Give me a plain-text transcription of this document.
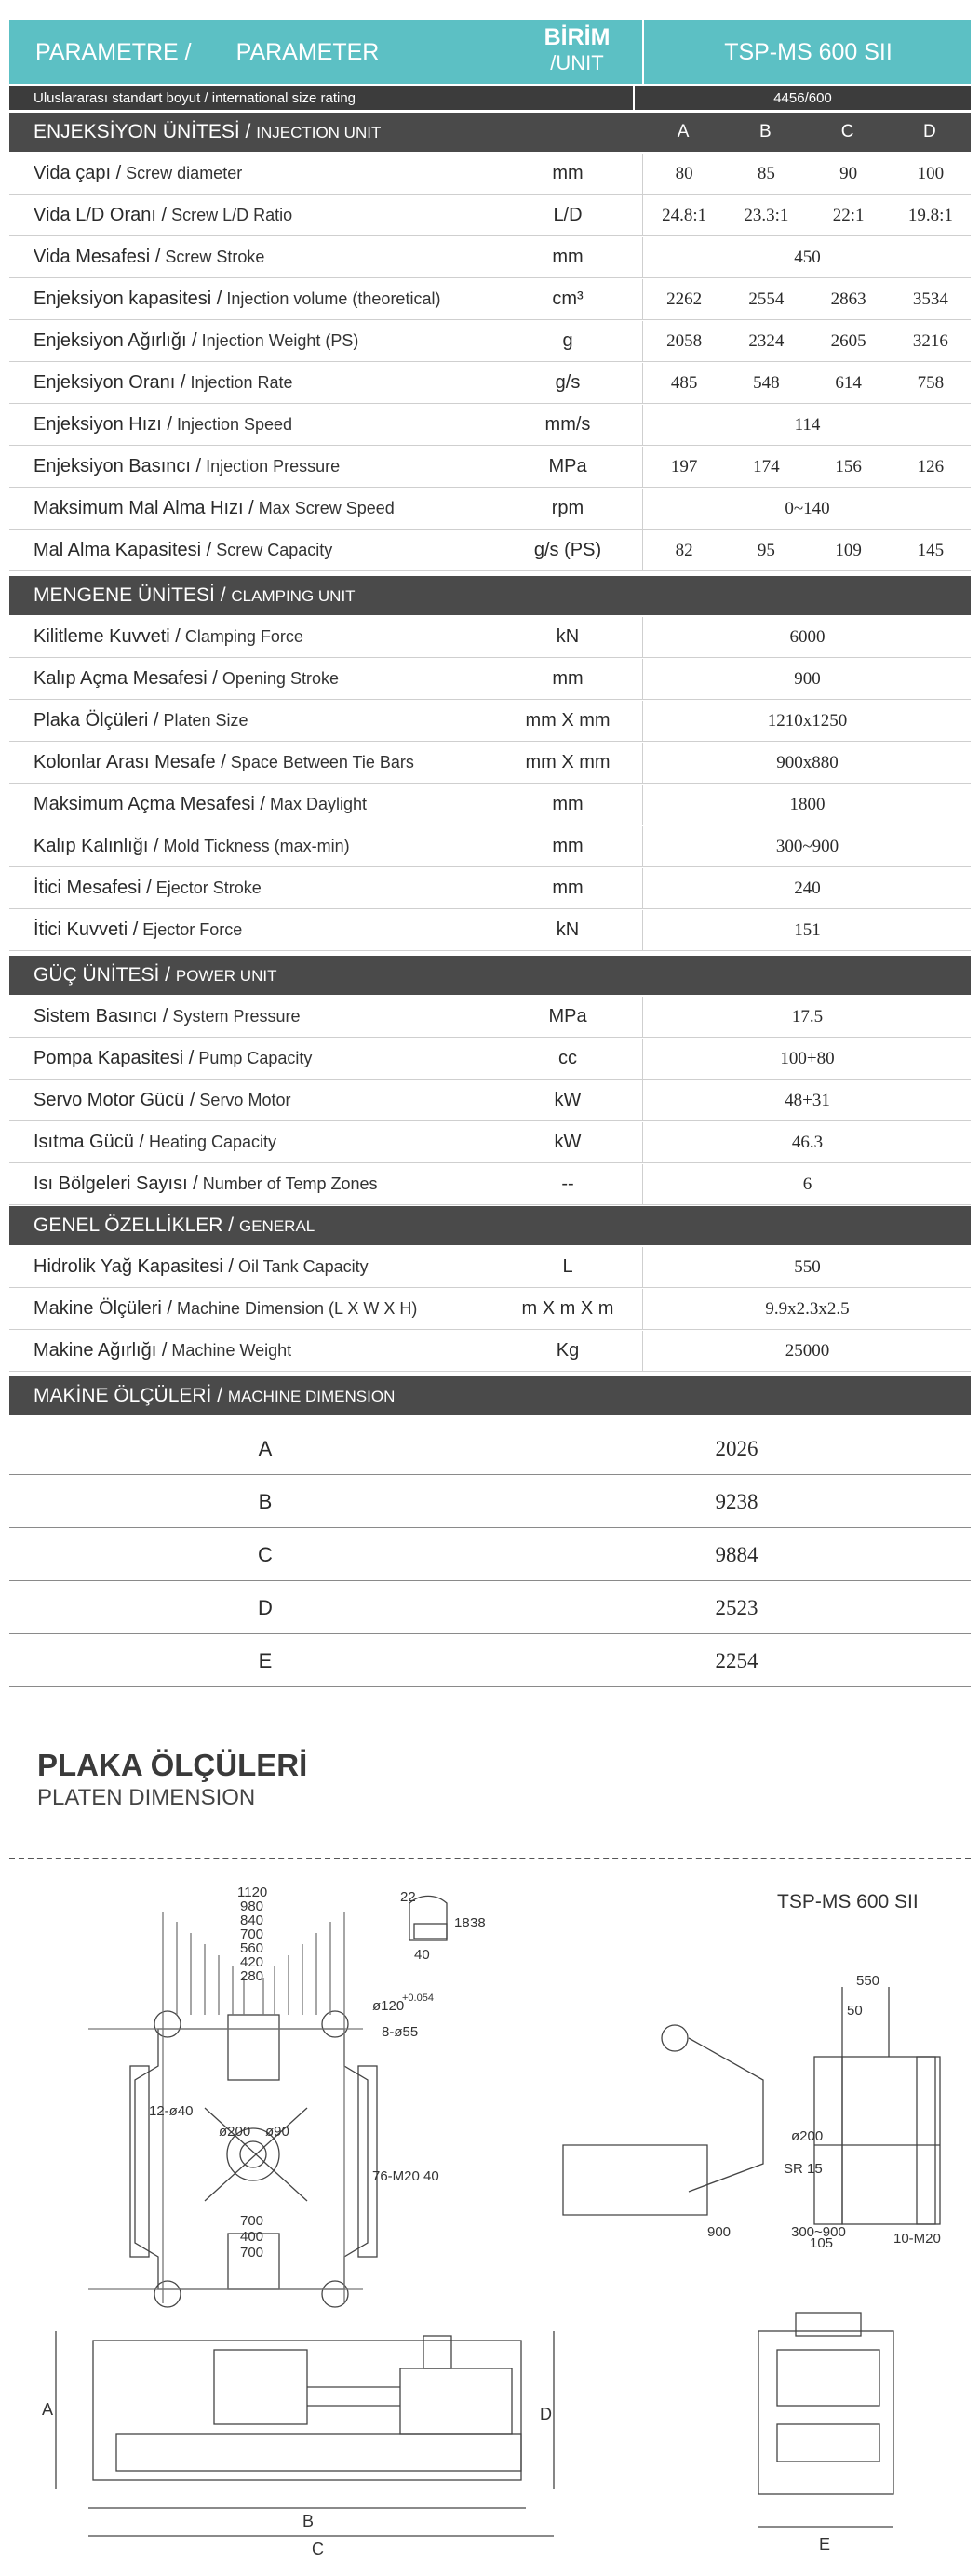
PARAMETRE / PARAMETER
BİRİM
/UNIT	TSP-MS 600 SII
Uluslararası standart boyut / international size rating	4456/600
ENJEKSİYON ÜNİTESİ / INJECTION UNIT	A	B	C	D
Vida çapı / Screw diameter	mm	80	85	90	100
Vida L/D Oranı / Screw L/D Ratio	L/D	24.8:1	23.3:1	22:1	19.8:1
Vida Mesafesi / Screw Stroke	mm	450
Enjeksiyon kapasitesi / Injection volume (theoretical)	cm³	2262	2554	2863	3534
Enjeksiyon Ağırlığı / Injection Weight (PS)	g	2058	2324	2605	3216
Enjeksiyon Oranı / Injection Rate	g/s	485	548	614	758
Enjeksiyon Hızı / Injection Speed	mm/s	114
Enjeksiyon Basıncı / Injection Pressure	MPa	197	174	156	126
Maksimum Mal Alma Hızı / Max Screw Speed	rpm	0~140
Mal Alma Kapasitesi / Screw Capacity	g/s (PS)	82	95	109	145
MENGENE ÜNİTESİ / CLAMPING UNIT
Kilitleme Kuvveti / Clamping Force	kN	6000
Kalıp Açma Mesafesi / Opening Stroke	mm	900
Plaka Ölçüleri / Platen Size	mm X mm	1210x1250
Kolonlar Arası Mesafe / Space Between Tie Bars	mm X mm	900x880
Maksimum Açma Mesafesi / Max Daylight	mm	1800
Kalıp Kalınlığı / Mold Tickness (max-min)	mm	300~900
İtici Mesafesi / Ejector Stroke	mm	240
İtici Kuvveti / Ejector Force	kN	151
GÜÇ ÜNİTESİ / POWER UNIT
Sistem Basıncı / System Pressure	MPa	17.5
Pompa Kapasitesi / Pump Capacity	cc	100+80
Servo Motor Gücü / Servo Motor	kW	48+31
Isıtma Gücü / Heating Capacity	kW	46.3
Isı Bölgeleri Sayısı / Number of Temp Zones	--	6
GENEL ÖZELLİKLER / GENERAL
Hidrolik Yağ Kapasitesi / Oil Tank Capacity	L	550
Makine Ölçüleri / Machine Dimension (L X W X H)	m X m X m	9.9x2.3x2.5
Makine Ağırlığı / Machine Weight	Kg	25000
MAKİNE ÖLÇÜLERİ / MACHINE DIMENSION
A	2026
B	9238
C	9884
D	2523
E	2254
PLAKA ÖLÇÜLERİ
PLATEN DIMENSION
TSP-MS 600 SII
1120
980
840
700
560
420
280
ø120
+0.054
8-ø55
12-ø40
ø200 ø90
76-M20 40
700
400
700
22
40
18 38
550
50
ø200
SR 15
105	10-M20
900	300~900
A
B
C
D
E
